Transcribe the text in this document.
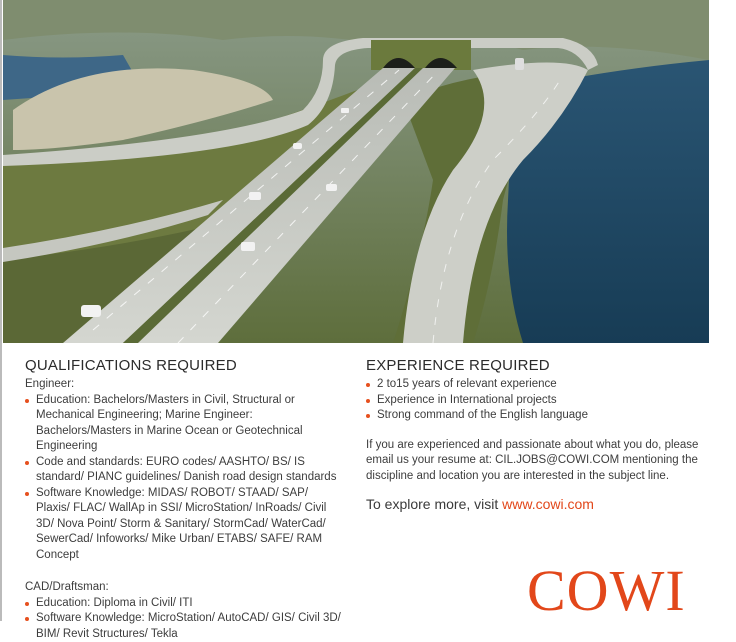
QUALIFICATIONS REQUIRED

Engineer:

Education: Bachelors/Masters in Civil, Structural or Mechanical Engineering; Marine Engineer: Bachelors/Masters in Marine Ocean or Geotechnical Engineering
Code and standards: EURO codes/ AASHTO/ BS/ IS standard/ PIANC guidelines/ Danish road design standards
Software Knowledge: MIDAS/ ROBOT/ STAAD/ SAP/ Plaxis/ FLAC/ WallAp in SSI/ MicroStation/ InRoads/ Civil 3D/ Nova Point/ Storm & Sanitary/ StormCad/ WaterCad/ SewerCad/ Infoworks/ Mike Urban/ ETABS/ SAFE/ RAM Concept

CAD/Draftsman:

Education: Diploma in Civil/ ITI
Software Knowledge: MicroStation/ AutoCAD/ GIS/ Civil 3D/ BIM/ Revit Structures/ Tekla
EXPERIENCE REQUIRED
2 to15 years of relevant experience
Experience in International projects
Strong command of the English language

If you are experienced and passionate about what you do, please email us your resume at: CIL.JOBS@COWI.COM mentioning the discipline and location you are interested in the subject line.

To explore more, visit www.cowi.com
COWI
